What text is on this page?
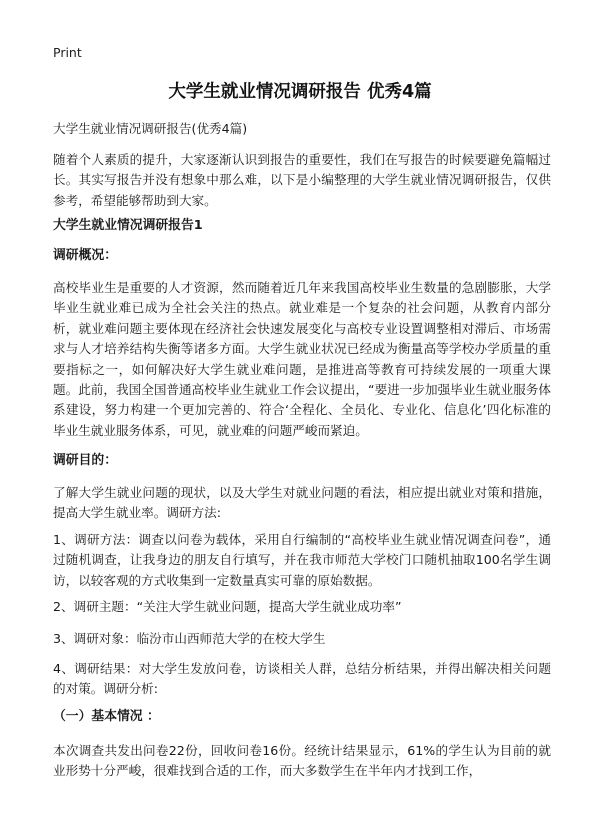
Print
大学生就业情况调研报告 优秀4篇

大学生就业情况调研报告(优秀4篇)

随着个人素质的提升，大家逐渐认识到报告的重要性，我们在写报告的时候要避免篇幅过长。其实写报告并没有想象中那么难，以下是小编整理的大学生就业情况调研报告，仅供参考，希望能够帮助到大家。

大学生就业情况调研报告1

调研概况：

高校毕业生是重要的人才资源，然而随着近几年来我国高校毕业生数量的急剧膨胀，大学毕业生就业难已成为全社会关注的热点。就业难是一个复杂的社会问题，从教育内部分析，就业难问题主要体现在经济社会快速发展变化与高校专业设置调整相对滞后、市场需求与人才培养结构失衡等诸多方面。大学生就业状况已经成为衡量高等学校办学质量的重要指标之一，如何解决好大学生就业难问题，是推进高等教育可持续发展的一项重大课题。此前，我国全国普通高校毕业生就业工作会议提出，“要进一步加强毕业生就业服务体系建设，努力构建一个更加完善的、符合‘全程化、全员化、专业化、信息化’四化标准的毕业生就业服务体系，可见，就业难的问题严峻而紧迫。

调研目的：

了解大学生就业问题的现状，以及大学生对就业问题的看法，相应提出就业对策和措施，提高大学生就业率。调研方法:

1、调研方法：调查以问卷为载体，采用自行编制的“高校毕业生就业情况调查问卷”，通过随机调查，让我身边的朋友自行填写，并在我市师范大学校门口随机抽取100名学生调访，以较客观的方式收集到一定数量真实可靠的原始数据。

2、调研主题：“关注大学生就业问题，提高大学生就业成功率”

3、调研对象：临汾市山西师范大学的在校大学生

4、调研结果：对大学生发放问卷，访谈相关人群，总结分析结果，并得出解决相关问题的对策。调研分析:

（一）基本情况 ：

本次调查共发出问卷22份，回收问卷16份。经统计结果显示，61%的学生认为目前的就业形势十分严峻，很难找到合适的工作，而大多数学生在半年内才找到工作，
